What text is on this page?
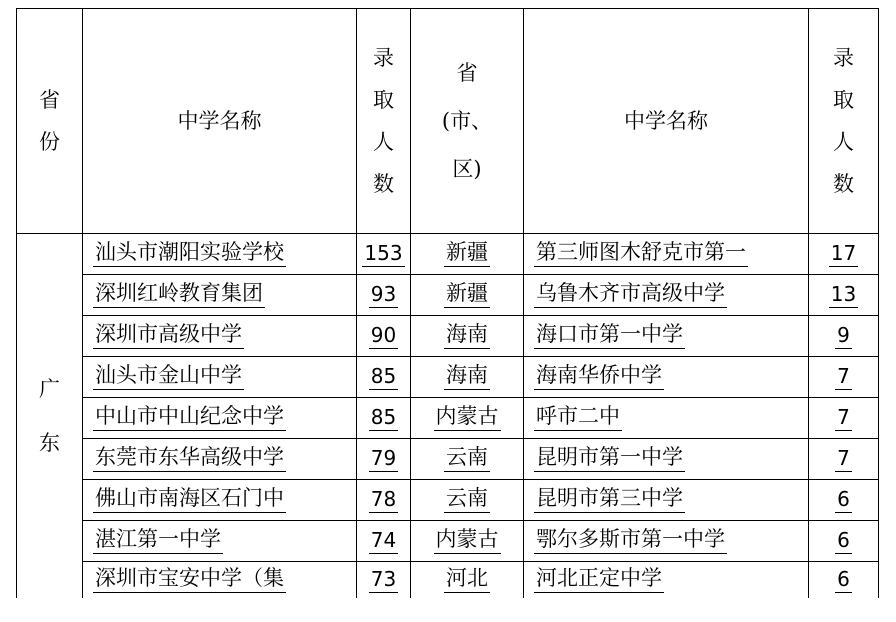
省
份	中学名称	录
取
人
数	省
(市、
区)	中学名称	录
取
人
数

广
东	汕头市潮阳实验学校	153	新疆	第三师图木舒克市第一	17
	深圳红岭教育集团	93	新疆	乌鲁木齐市高级中学	13
	深圳市高级中学	90	海南	海口市第一中学	9
	汕头市金山中学	85	海南	海南华侨中学	7
	中山市中山纪念中学	85	内蒙古	呼市二中	7
	东莞市东华高级中学	79	云南	昆明市第一中学	7
	佛山市南海区石门中	78	云南	昆明市第三中学	6
	湛江第一中学	74	内蒙古	鄂尔多斯市第一中学	6
	深圳市宝安中学（集	73	河北	河北正定中学	6
